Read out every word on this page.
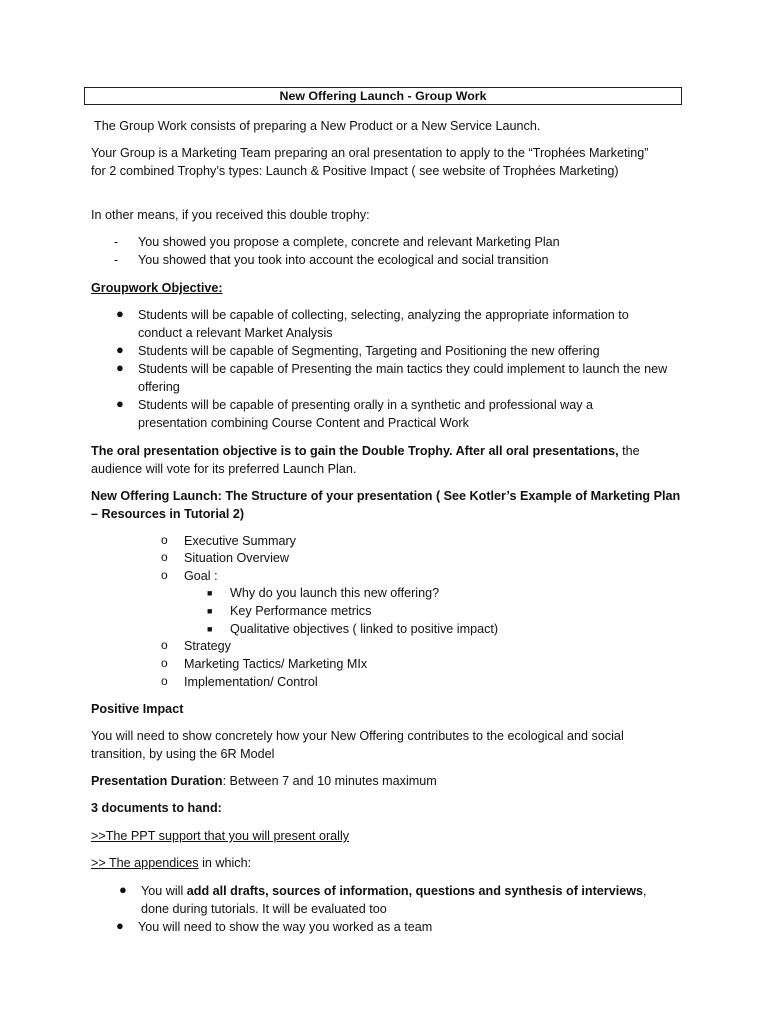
New Offering Launch - Group Work

The Group Work consists of preparing a New Product or a New Service Launch.

Your Group is a Marketing Team preparing an oral presentation to apply to the “Trophées Marketing” for 2 combined Trophy’s types: Launch & Positive Impact ( see website of Trophées Marketing)

In other means, if you received this double trophy:

- You showed you propose a complete, concrete and relevant Marketing Plan
- You showed that you took into account the ecological and social transition

Groupwork Objective:

● Students will be capable of collecting, selecting, analyzing the appropriate information to conduct a relevant Market Analysis
● Students will be capable of Segmenting, Targeting and Positioning the new offering
● Students will be capable of Presenting the main tactics they could implement to launch the new offering
● Students will be capable of presenting orally in a synthetic and professional way a presentation combining Course Content and Practical Work

The oral presentation objective is to gain the Double Trophy. After all oral presentations, the audience will vote for its preferred Launch Plan.

New Offering Launch: The Structure of your presentation ( See Kotler’s Example of Marketing Plan – Resources in Tutorial 2)

o Executive Summary
o Situation Overview
o Goal :
■ Why do you launch this new offering?
■ Key Performance metrics
■ Qualitative objectives ( linked to positive impact)
o Strategy
o Marketing Tactics/ Marketing MIx
o Implementation/ Control

Positive Impact

You will need to show concretely how your New Offering contributes to the ecological and social transition, by using the 6R Model

Presentation Duration: Between 7 and 10 minutes maximum

3 documents to hand:

>>The PPT support that you will present orally

>> The appendices in which:

● You will add all drafts, sources of information, questions and synthesis of interviews, done during tutorials. It will be evaluated too
● You will need to show the way you worked as a team
